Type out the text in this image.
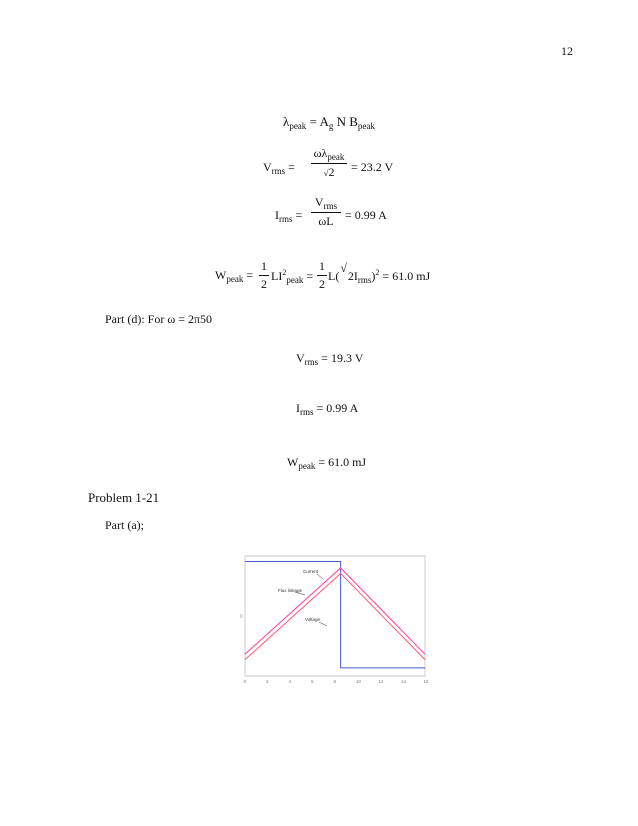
12
$\lambda_{peak} = A_g$ N $B_{peak}$
$V_{rms}$ =
$\omega\lambda_{peak}$
√2	= 23.2 V
$I_{rms}$ =
$V_{rms}$
ωL = 0.99 A
$W_{peak}$ =
1
2
$LI^2_{peak}$ =
1
2
$L(√2I_{rms})^2 = 61.0$ mJ
Part (d): For ω = 2π50
$V_{rms} = 19.3$ V
$I_{rms} = 0.99$ A
$W_{peak} = 61.0$ mJ
Problem 1-21
Part (a);
0
0	2	4	6	8	10	12	14	16
Current
Flux linkage
Voltage
